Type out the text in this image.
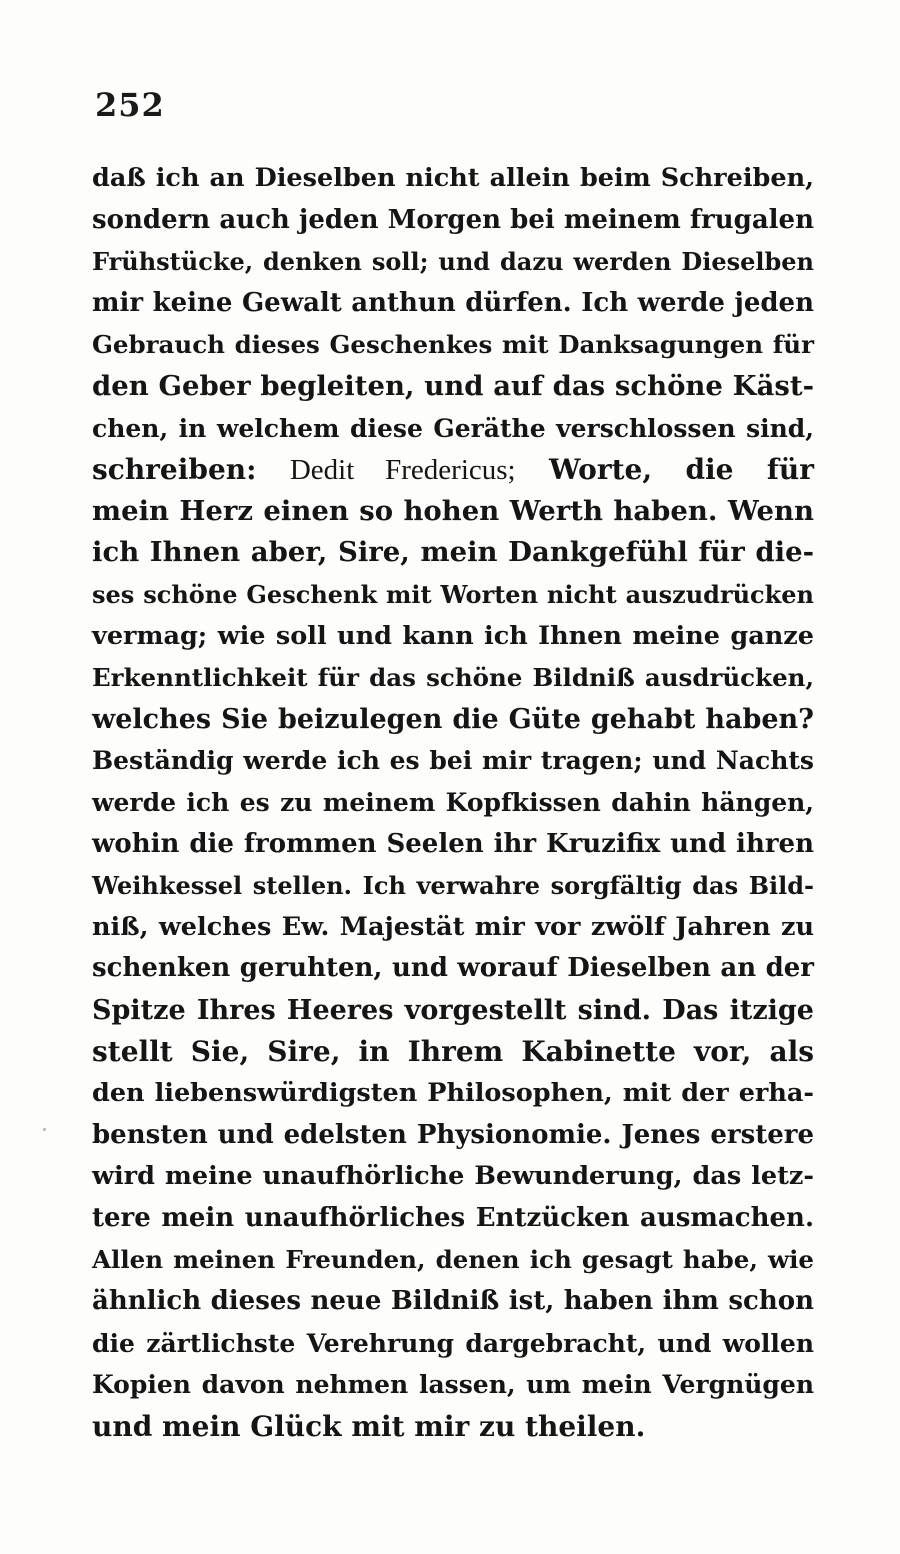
252
daß ich an Dieselben nicht allein beim Schreiben,
sondern auch jeden Morgen bei meinem frugalen
Frühstücke, denken soll; und dazu werden Dieselben
mir keine Gewalt anthun dürfen. Ich werde jeden
Gebrauch dieses Geschenkes mit Danksagungen für
den Geber begleiten, und auf das schöne Käst-
chen, in welchem diese Geräthe verschlossen sind,
schreiben: Dedit Fredericus; Worte, die für
mein Herz einen so hohen Werth haben. Wenn
ich Ihnen aber, Sire, mein Dankgefühl für die-
ses schöne Geschenk mit Worten nicht auszudrücken
vermag; wie soll und kann ich Ihnen meine ganze
Erkenntlichkeit für das schöne Bildniß ausdrücken,
welches Sie beizulegen die Güte gehabt haben?
Beständig werde ich es bei mir tragen; und Nachts
werde ich es zu meinem Kopfkissen dahin hängen,
wohin die frommen Seelen ihr Kruzifix und ihren
Weihkessel stellen. Ich verwahre sorgfältig das Bild-
niß, welches Ew. Majestät mir vor zwölf Jahren zu
schenken geruhten, und worauf Dieselben an der
Spitze Ihres Heeres vorgestellt sind. Das itzige
stellt Sie, Sire, in Ihrem Kabinette vor, als
den liebenswürdigsten Philosophen, mit der erha-
bensten und edelsten Physionomie. Jenes erstere
wird meine unaufhörliche Bewunderung, das letz-
tere mein unaufhörliches Entzücken ausmachen.
Allen meinen Freunden, denen ich gesagt habe, wie
ähnlich dieses neue Bildniß ist, haben ihm schon
die zärtlichste Verehrung dargebracht, und wollen
Kopien davon nehmen lassen, um mein Vergnügen
und mein Glück mit mir zu theilen.
